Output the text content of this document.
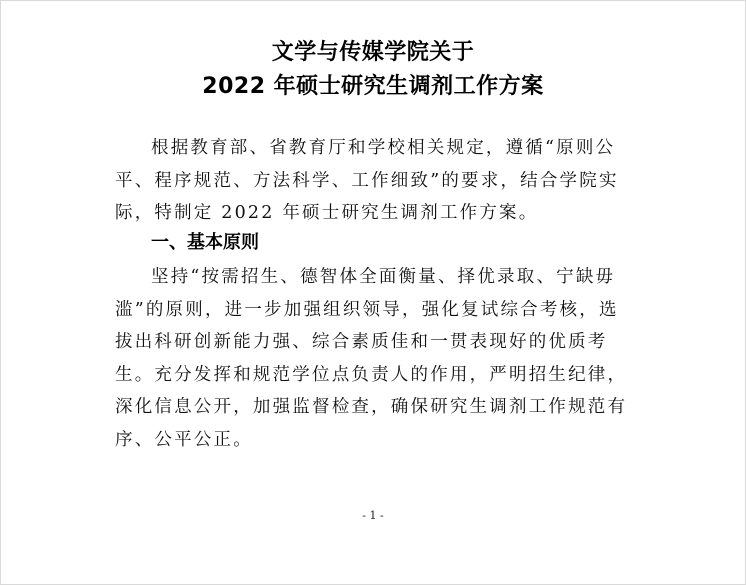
文学与传媒学院关于
2022 年硕士研究生调剂工作方案
根据教育部、省教育厅和学校相关规定，遵循“原则公
平、程序规范、方法科学、工作细致”的要求，结合学院实
际，特制定 2022 年硕士研究生调剂工作方案。
一、基本原则
坚持“按需招生、德智体全面衡量、择优录取、宁缺毋
滥”的原则，进一步加强组织领导，强化复试综合考核，选
拔出科研创新能力强、综合素质佳和一贯表现好的优质考
生。充分发挥和规范学位点负责人的作用，严明招生纪律，
深化信息公开，加强监督检查，确保研究生调剂工作规范有
序、公平公正。
- 1 -
